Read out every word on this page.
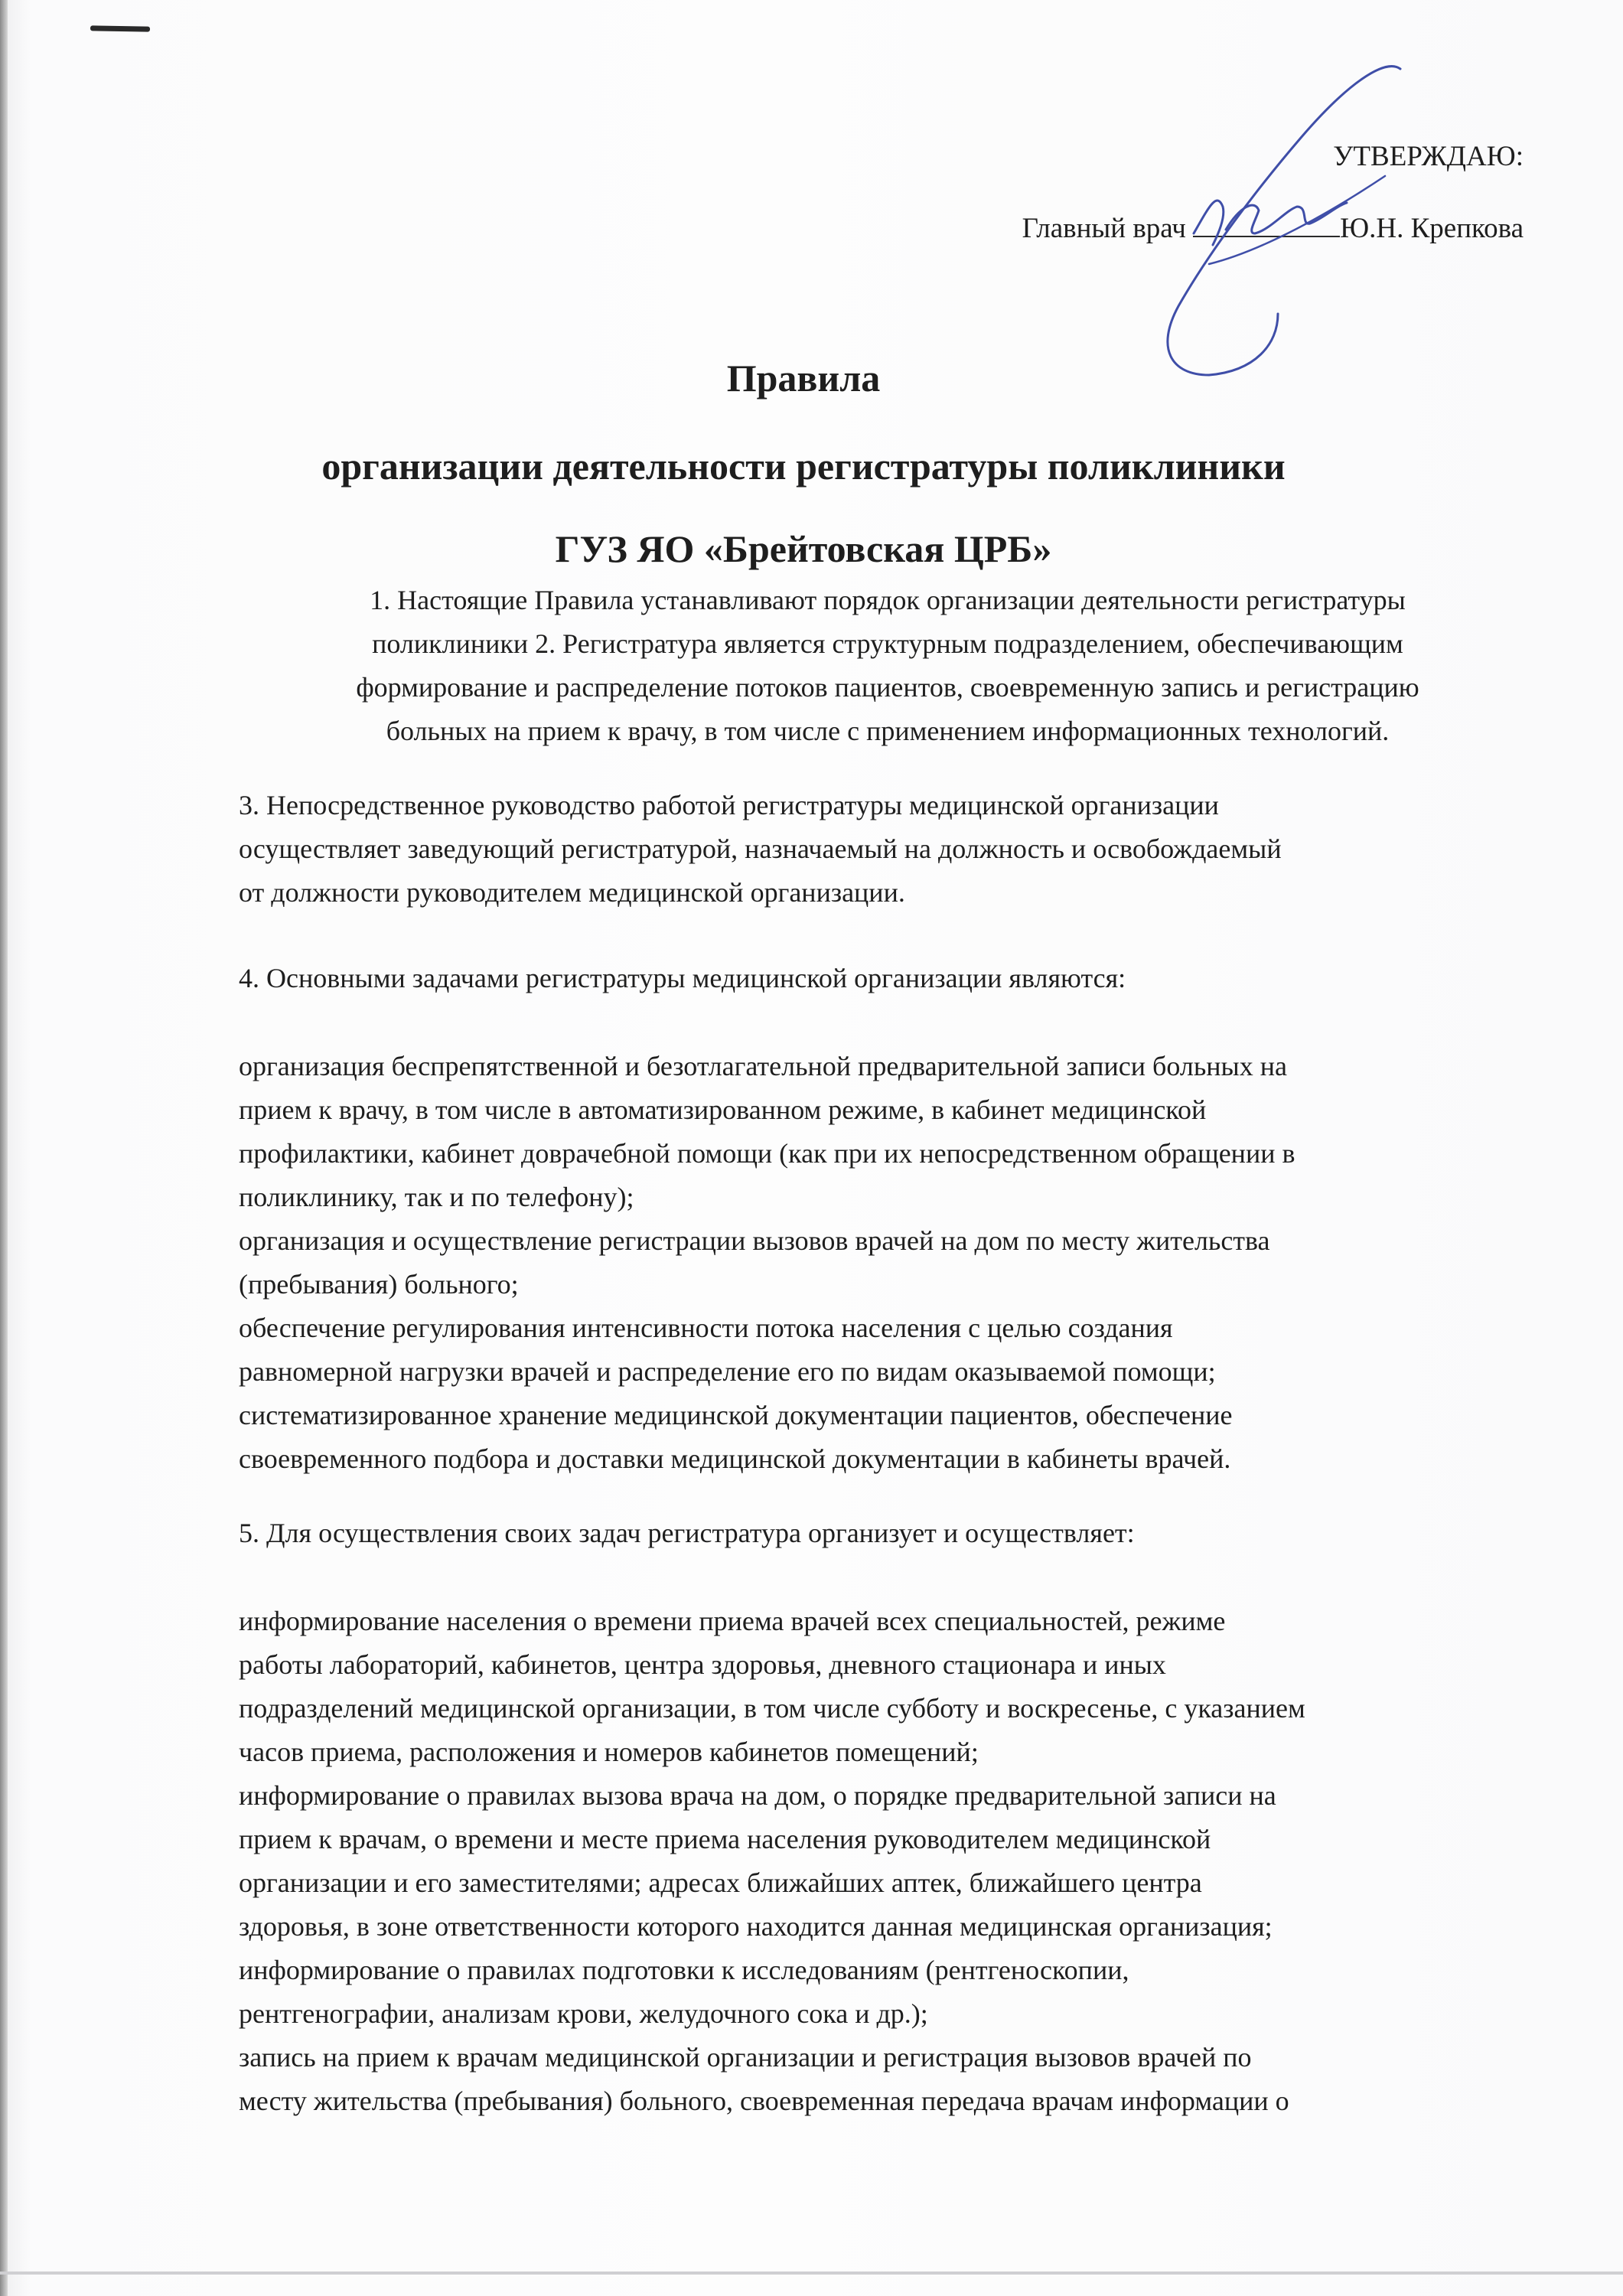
УТВЕРЖДАЮ:
Главный врач	Ю.Н. Крепкова
Правила
организации деятельности регистратуры поликлиники
ГУЗ ЯО «Брейтовская ЦРБ»
1. Настоящие Правила устанавливают порядок организации деятельности регистратуры
поликлиники 2. Регистратура является структурным подразделением, обеспечивающим
формирование и распределение потоков пациентов, своевременную запись и регистрацию
больных на прием к врачу, в том числе с применением информационных технологий.
3. Непосредственное руководство работой регистратуры медицинской организации
осуществляет заведующий регистратурой, назначаемый на должность и освобождаемый
от должности руководителем медицинской организации.
4. Основными задачами регистратуры медицинской организации являются:
организация беспрепятственной и безотлагательной предварительной записи больных на
прием к врачу, в том числе в автоматизированном режиме, в кабинет медицинской
профилактики, кабинет доврачебной помощи (как при их непосредственном обращении в
поликлинику, так и по телефону);
организация и осуществление регистрации вызовов врачей на дом по месту жительства
(пребывания) больного;
обеспечение регулирования интенсивности потока населения с целью создания
равномерной нагрузки врачей и распределение его по видам оказываемой помощи;
систематизированное хранение медицинской документации пациентов, обеспечение
своевременного подбора и доставки медицинской документации в кабинеты врачей.
5. Для осуществления своих задач регистратура организует и осуществляет:
информирование населения о времени приема врачей всех специальностей, режиме
работы лабораторий, кабинетов, центра здоровья, дневного стационара и иных
подразделений медицинской организации, в том числе субботу и воскресенье, с указанием
часов приема, расположения и номеров кабинетов помещений;
информирование о правилах вызова врача на дом, о порядке предварительной записи на
прием к врачам, о времени и месте приема населения руководителем медицинской
организации и его заместителями; адресах ближайших аптек, ближайшего центра
здоровья, в зоне ответственности которого находится данная медицинская организация;
информирование о правилах подготовки к исследованиям (рентгеноскопии,
рентгенографии, анализам крови, желудочного сока и др.);
запись на прием к врачам медицинской организации и регистрация вызовов врачей по
месту жительства (пребывания) больного, своевременная передача врачам информации о
